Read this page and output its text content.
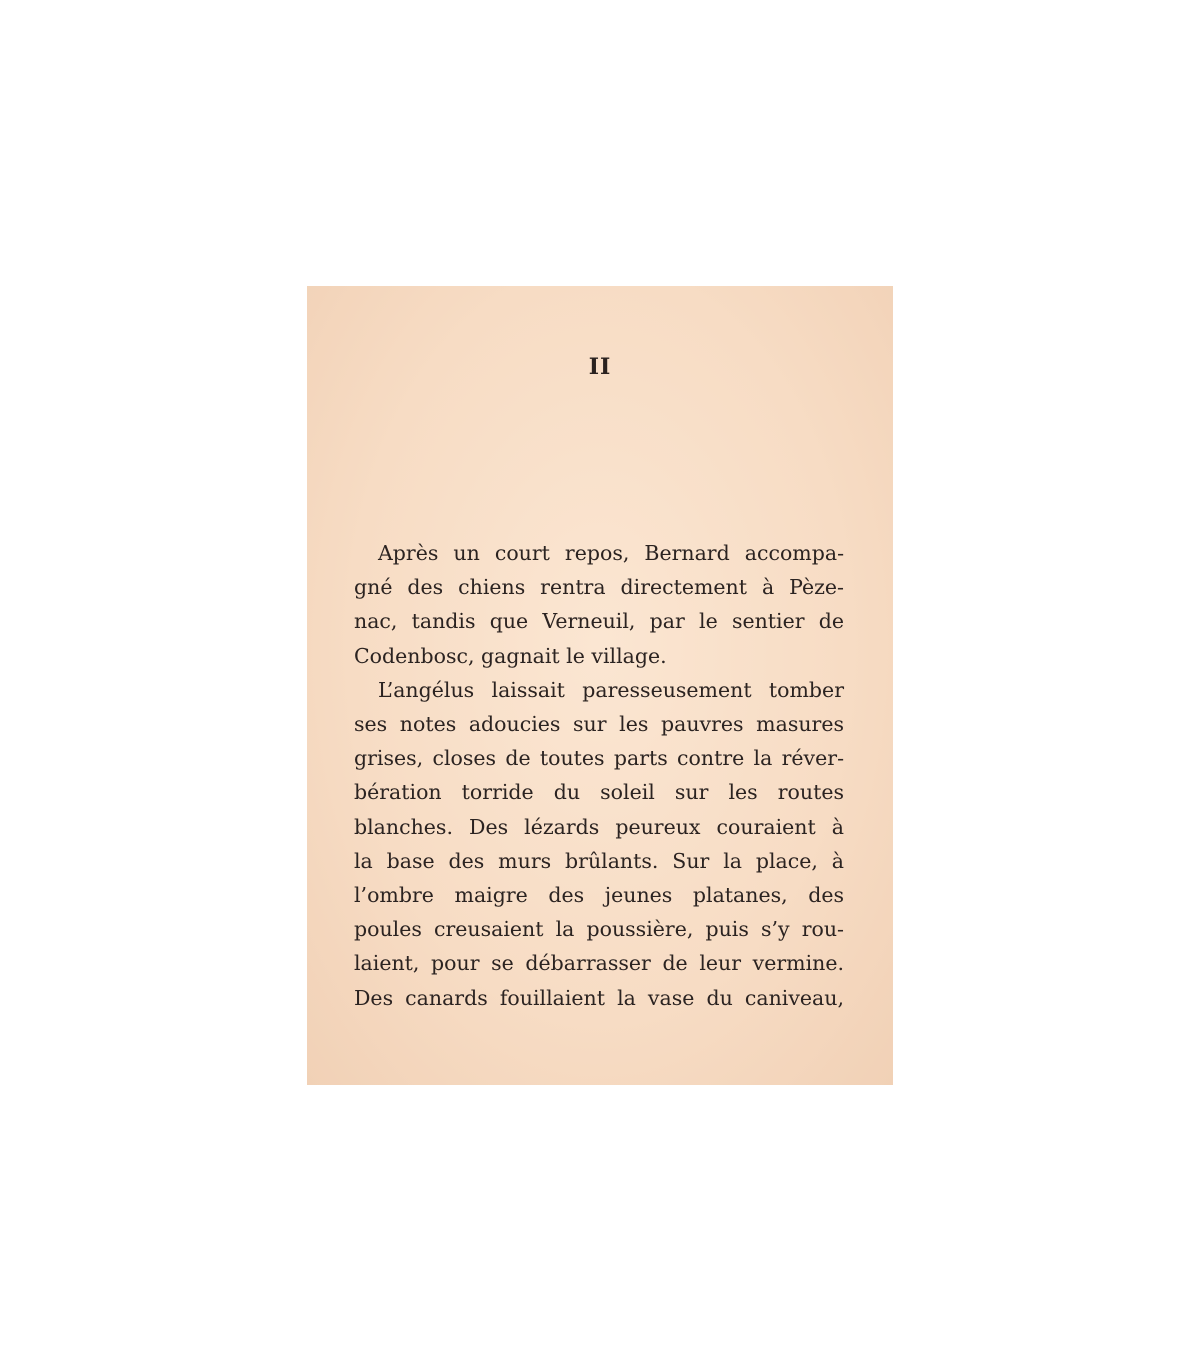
II
Après un court repos, Bernard accompa-
gné des chiens rentra directement à Pèze-
nac, tandis que Verneuil, par le sentier de
Codenbosc, gagnait le village.
L’angélus laissait paresseusement tomber
ses notes adoucies sur les pauvres masures
grises, closes de toutes parts contre la réver-
bération torride du soleil sur les routes
blanches. Des lézards peureux couraient à
la base des murs brûlants. Sur la place, à
l’ombre maigre des jeunes platanes, des
poules creusaient la poussière, puis s’y rou-
laient, pour se débarrasser de leur vermine.
Des canards fouillaient la vase du caniveau,
